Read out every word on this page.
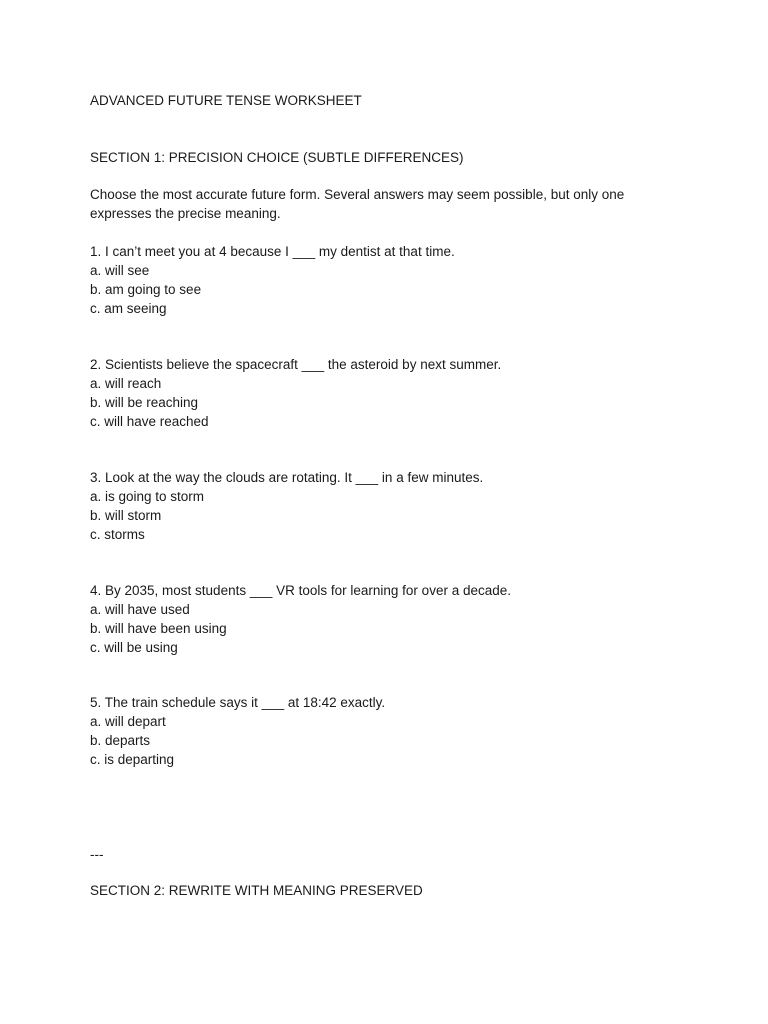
ADVANCED FUTURE TENSE WORKSHEET
SECTION 1: PRECISION CHOICE (SUBTLE DIFFERENCES)
Choose the most accurate future form. Several answers may seem possible, but only one
expresses the precise meaning.
1. I can’t meet you at 4 because I ___ my dentist at that time.
a. will see
b. am going to see
c. am seeing
2. Scientists believe the spacecraft ___ the asteroid by next summer.
a. will reach
b. will be reaching
c. will have reached
3. Look at the way the clouds are rotating. It ___ in a few minutes.
a. is going to storm
b. will storm
c. storms
4. By 2035, most students ___ VR tools for learning for over a decade.
a. will have used
b. will have been using
c. will be using
5. The train schedule says it ___ at 18:42 exactly.
a. will depart
b. departs
c. is departing
---
SECTION 2: REWRITE WITH MEANING PRESERVED
